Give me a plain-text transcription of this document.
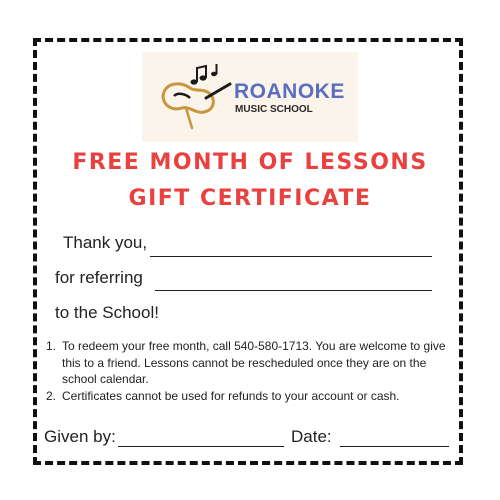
ROANOKE
MUSIC SCHOOL
FREE MONTH OF LESSONS
GIFT CERTIFICATE
Thank you,
for referring
to the School!
1. To redeem your free month, call 540-580-1713. You are welcome to give this to a friend. Lessons cannot be rescheduled once they are on the school calendar.
2. Certificates cannot be used for refunds to your account or cash.
Given by:	Date:
